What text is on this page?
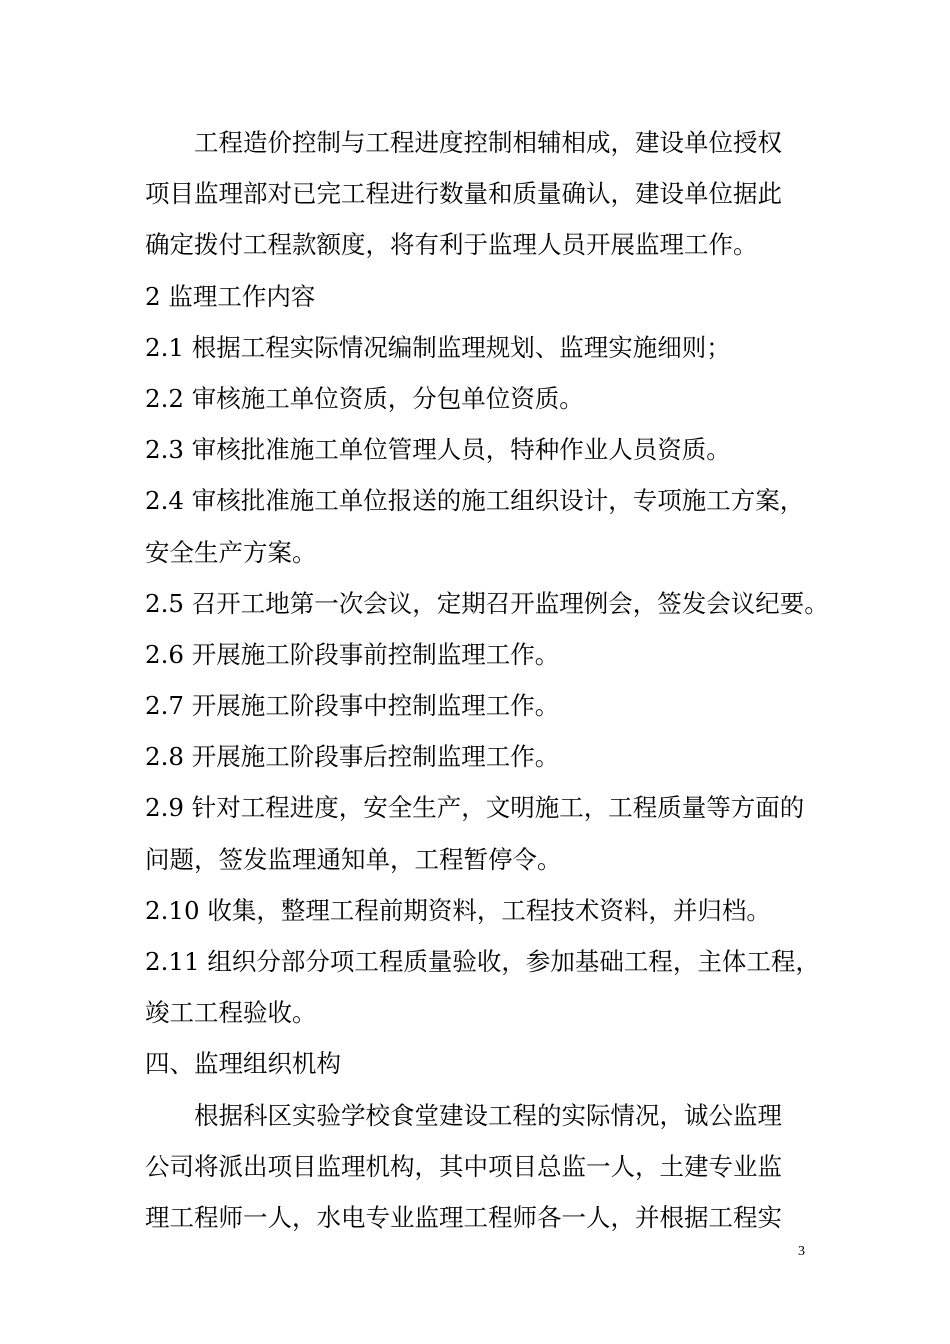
工程造价控制与工程进度控制相辅相成，建设单位授权
项目监理部对已完工程进行数量和质量确认，建设单位据此
确定拨付工程款额度，将有利于监理人员开展监理工作。
2 监理工作内容
2.1 根据工程实际情况编制监理规划、监理实施细则；
2.2 审核施工单位资质，分包单位资质。
2.3 审核批准施工单位管理人员，特种作业人员资质。
2.4 审核批准施工单位报送的施工组织设计，专项施工方案，
安全生产方案。
2.5 召开工地第一次会议，定期召开监理例会，签发会议纪要。
2.6 开展施工阶段事前控制监理工作。
2.7 开展施工阶段事中控制监理工作。
2.8 开展施工阶段事后控制监理工作。
2.9 针对工程进度，安全生产，文明施工，工程质量等方面的
问题，签发监理通知单，工程暂停令。
2.10 收集，整理工程前期资料，工程技术资料，并归档。
2.11 组织分部分项工程质量验收，参加基础工程，主体工程，
竣工工程验收。
四、监理组织机构
根据科区实验学校食堂建设工程的实际情况，诚公监理
公司将派出项目监理机构，其中项目总监一人，土建专业监
理工程师一人，水电专业监理工程师各一人，并根据工程实
3
